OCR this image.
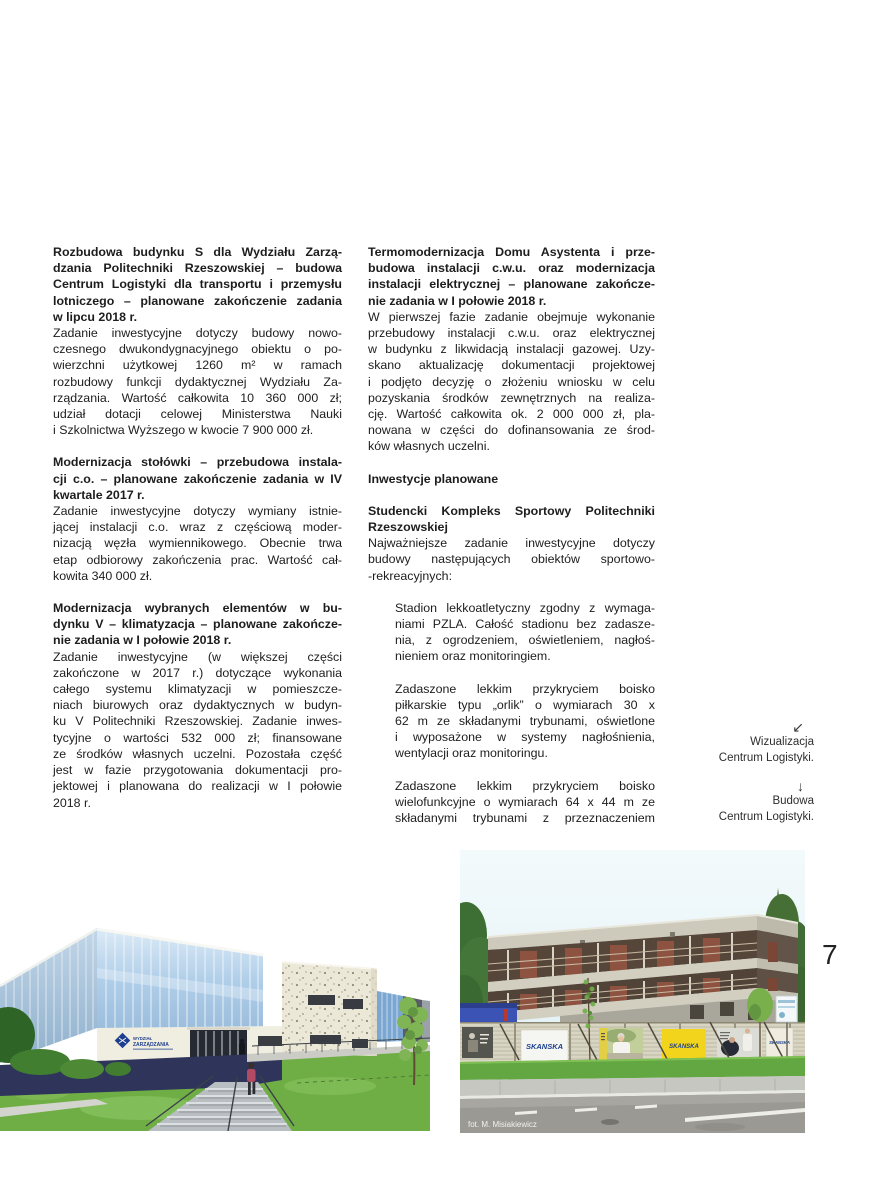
Rozbudowa budynku S dla Wydziału Zarzą-
dzania Politechniki Rzeszowskiej – budowa
Centrum Logistyki dla transportu i przemysłu
lotniczego – planowane zakończenie zadania
w lipcu 2018 r.
Zadanie inwestycyjne dotyczy budowy nowo-
czesnego dwukondygnacyjnego obiektu o po-
wierzchni użytkowej 1260 m² w ramach
rozbudowy funkcji dydaktycznej Wydziału Za-
rządzania. Wartość całkowita 10 360 000 zł;
udział dotacji celowej Ministerstwa Nauki
i Szkolnictwa Wyższego w kwocie 7 900 000 zł.
Modernizacja stołówki – przebudowa instala-
cji c.o. – planowane zakończenie zadania w IV
kwartale 2017 r.
Zadanie inwestycyjne dotyczy wymiany istnie-
jącej instalacji c.o. wraz z częściową moder-
nizacją węzła wymiennikowego. Obecnie trwa
etap odbiorowy zakończenia prac. Wartość cał-
kowita 340 000 zł.
Modernizacja wybranych elementów w bu-
dynku V – klimatyzacja – planowane zakończe-
nie zadania w I połowie 2018 r.
Zadanie inwestycyjne (w większej części
zakończone w 2017 r.) dotyczące wykonania
całego systemu klimatyzacji w pomieszcze-
niach biurowych oraz dydaktycznych w budyn-
ku V Politechniki Rzeszowskiej. Zadanie inwes-
tycyjne o wartości 532 000 zł; finansowane
ze środków własnych uczelni. Pozostała część
jest w fazie przygotowania dokumentacji pro-
jektowej i planowana do realizacji w I połowie
2018 r.
Termomodernizacja Domu Asystenta i prze-
budowa instalacji c.w.u. oraz modernizacja
instalacji elektrycznej – planowane zakończe-
nie zadania w I połowie 2018 r.
W pierwszej fazie zadanie obejmuje wykonanie
przebudowy instalacji c.w.u. oraz elektrycznej
w budynku z likwidacją instalacji gazowej. Uzy-
skano aktualizację dokumentacji projektowej
i podjęto decyzję o złożeniu wniosku w celu
pozyskania środków zewnętrznych na realiza-
cję. Wartość całkowita ok. 2 000 000 zł, pla-
nowana w części do dofinansowania ze środ-
ków własnych uczelni.
Inwestycje planowane
Studencki Kompleks Sportowy Politechniki
Rzeszowskiej
Najważniejsze zadanie inwestycyjne dotyczy
budowy następujących obiektów sportowo-
-rekreacyjnych:
Stadion lekkoatletyczny zgodny z wymaga-
niami PZLA. Całość stadionu bez zadasze-
nia, z ogrodzeniem, oświetleniem, nagłoś-
nieniem oraz monitoringiem.
Zadaszone lekkim przykryciem boisko
piłkarskie typu „orlik” o wymiarach 30 x
62 m ze składanymi trybunami, oświetlone
i wyposażone w systemy nagłośnienia,
wentylacji oraz monitoringu.
Zadaszone lekkim przykryciem boisko
wielofunkcyjne o wymiarach 64 x 44 m ze
składanymi trybunami z przeznaczeniem
↙
Wizualizacja
Centrum Logistyki.
↓
Budowa
Centrum Logistyki.
7
WYDZIAŁ
ZARZĄDZANIA	SKANSKA	SKANSKA
SKANSKA
fot. M. Misiakiewicz
